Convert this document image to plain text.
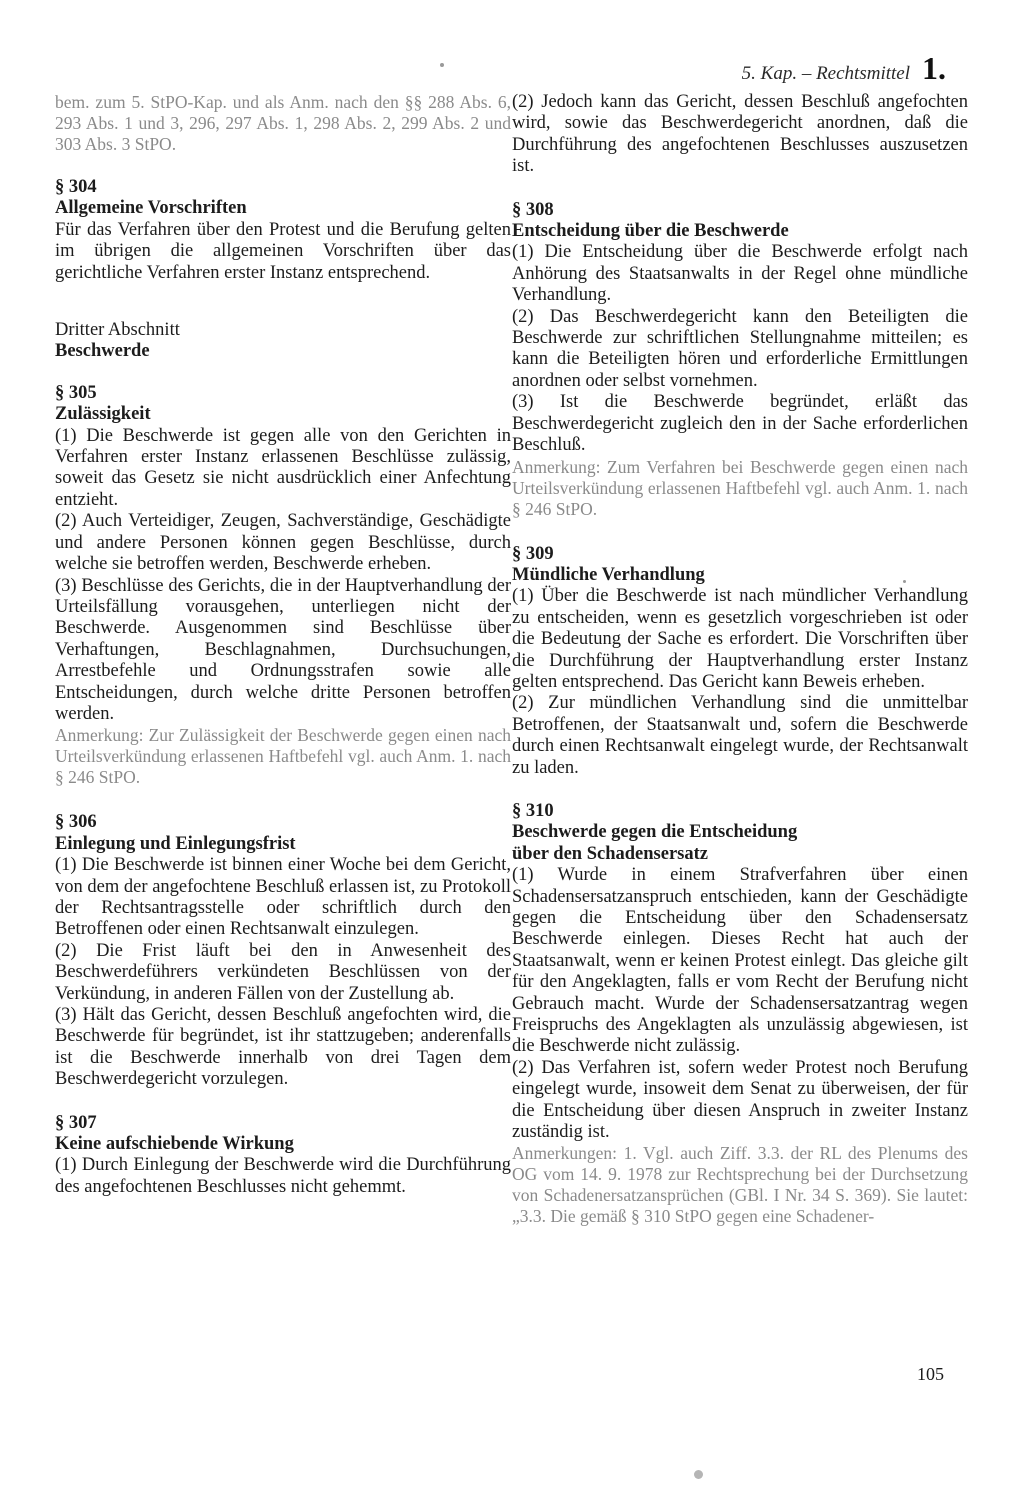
5. Kap. – Rechtsmittel 1.

bem. zum 5. StPO-Kap. und als Anm. nach den §§ 288 Abs. 6, 293 Abs. 1 und 3, 296, 297 Abs. 1, 298 Abs. 2, 299 Abs. 2 und 303 Abs. 3 StPO.

§ 304

Allgemeine Vorschriften

Für das Verfahren über den Protest und die Berufung gelten im übrigen die allgemeinen Vorschriften über das gerichtliche Verfahren erster Instanz entsprechend.

Dritter Abschnitt

Beschwerde

§ 305

Zulässigkeit

(1) Die Beschwerde ist gegen alle von den Gerichten in Verfahren erster Instanz erlassenen Beschlüsse zulässig, soweit das Gesetz sie nicht ausdrücklich einer Anfechtung entzieht.

(2) Auch Verteidiger, Zeugen, Sachverständige, Geschädigte und andere Personen können gegen Beschlüsse, durch welche sie betroffen werden, Beschwerde erheben.

(3) Beschlüsse des Gerichts, die in der Hauptverhandlung der Urteilsfällung vorausgehen, unterliegen nicht der Beschwerde. Ausgenommen sind Beschlüsse über Verhaftungen, Beschlagnahmen, Durchsuchungen, Arrestbefehle und Ordnungsstrafen sowie alle Entscheidungen, durch welche dritte Personen betroffen werden.

Anmerkung: Zur Zulässigkeit der Beschwerde gegen einen nach Urteilsverkündung erlassenen Haftbefehl vgl. auch Anm. 1. nach § 246 StPO.

§ 306

Einlegung und Einlegungsfrist

(1) Die Beschwerde ist binnen einer Woche bei dem Gericht, von dem der angefochtene Beschluß erlassen ist, zu Protokoll der Rechtsantragsstelle oder schriftlich durch den Betroffenen oder einen Rechtsanwalt einzulegen.

(2) Die Frist läuft bei den in Anwesenheit des Beschwerdeführers verkündeten Beschlüssen von der Verkündung, in anderen Fällen von der Zustellung ab.

(3) Hält das Gericht, dessen Beschluß angefochten wird, die Beschwerde für begründet, ist ihr stattzugeben; anderenfalls ist die Beschwerde innerhalb von drei Tagen dem Beschwerdegericht vorzulegen.

§ 307

Keine aufschiebende Wirkung

(1) Durch Einlegung der Beschwerde wird die Durchführung des angefochtenen Beschlusses nicht gehemmt.

(2) Jedoch kann das Gericht, dessen Beschluß angefochten wird, sowie das Beschwerdegericht anordnen, daß die Durchführung des angefochtenen Beschlusses auszusetzen ist.

§ 308

Entscheidung über die Beschwerde

(1) Die Entscheidung über die Beschwerde erfolgt nach Anhörung des Staatsanwalts in der Regel ohne mündliche Verhandlung.

(2) Das Beschwerdegericht kann den Beteiligten die Beschwerde zur schriftlichen Stellungnahme mitteilen; es kann die Beteiligten hören und erforderliche Ermittlungen anordnen oder selbst vornehmen.

(3) Ist die Beschwerde begründet, erläßt das Beschwerdegericht zugleich den in der Sache erforderlichen Beschluß.

Anmerkung: Zum Verfahren bei Beschwerde gegen einen nach Urteilsverkündung erlassenen Haftbefehl vgl. auch Anm. 1. nach § 246 StPO.

§ 309

Mündliche Verhandlung

(1) Über die Beschwerde ist nach mündlicher Verhandlung zu entscheiden, wenn es gesetzlich vorgeschrieben ist oder die Bedeutung der Sache es erfordert. Die Vorschriften über die Durchführung der Hauptverhandlung erster Instanz gelten entsprechend. Das Gericht kann Beweis erheben.

(2) Zur mündlichen Verhandlung sind die unmittelbar Betroffenen, der Staatsanwalt und, sofern die Beschwerde durch einen Rechtsanwalt eingelegt wurde, der Rechtsanwalt zu laden.

§ 310

Beschwerde gegen die Entscheidung

über den Schadensersatz

(1) Wurde in einem Strafverfahren über einen Schadensersatzanspruch entschieden, kann der Geschädigte gegen die Entscheidung über den Schadensersatz Beschwerde einlegen. Dieses Recht hat auch der Staatsanwalt, wenn er keinen Protest einlegt. Das gleiche gilt für den Angeklagten, falls er vom Recht der Berufung nicht Gebrauch macht. Wurde der Schadensersatzantrag wegen Freispruchs des Angeklagten als unzulässig abgewiesen, ist die Beschwerde nicht zulässig.

(2) Das Verfahren ist, sofern weder Protest noch Berufung eingelegt wurde, insoweit dem Senat zu überweisen, der für die Entscheidung über diesen Anspruch in zweiter Instanz zuständig ist.

Anmerkungen: 1. Vgl. auch Ziff. 3.3. der RL des Plenums des OG vom 14. 9. 1978 zur Rechtsprechung bei der Durchsetzung von Schadenersatzansprüchen (GBl. I Nr. 34 S. 369). Sie lautet: „3.3. Die gemäß § 310 StPO gegen eine Schadener-

105
